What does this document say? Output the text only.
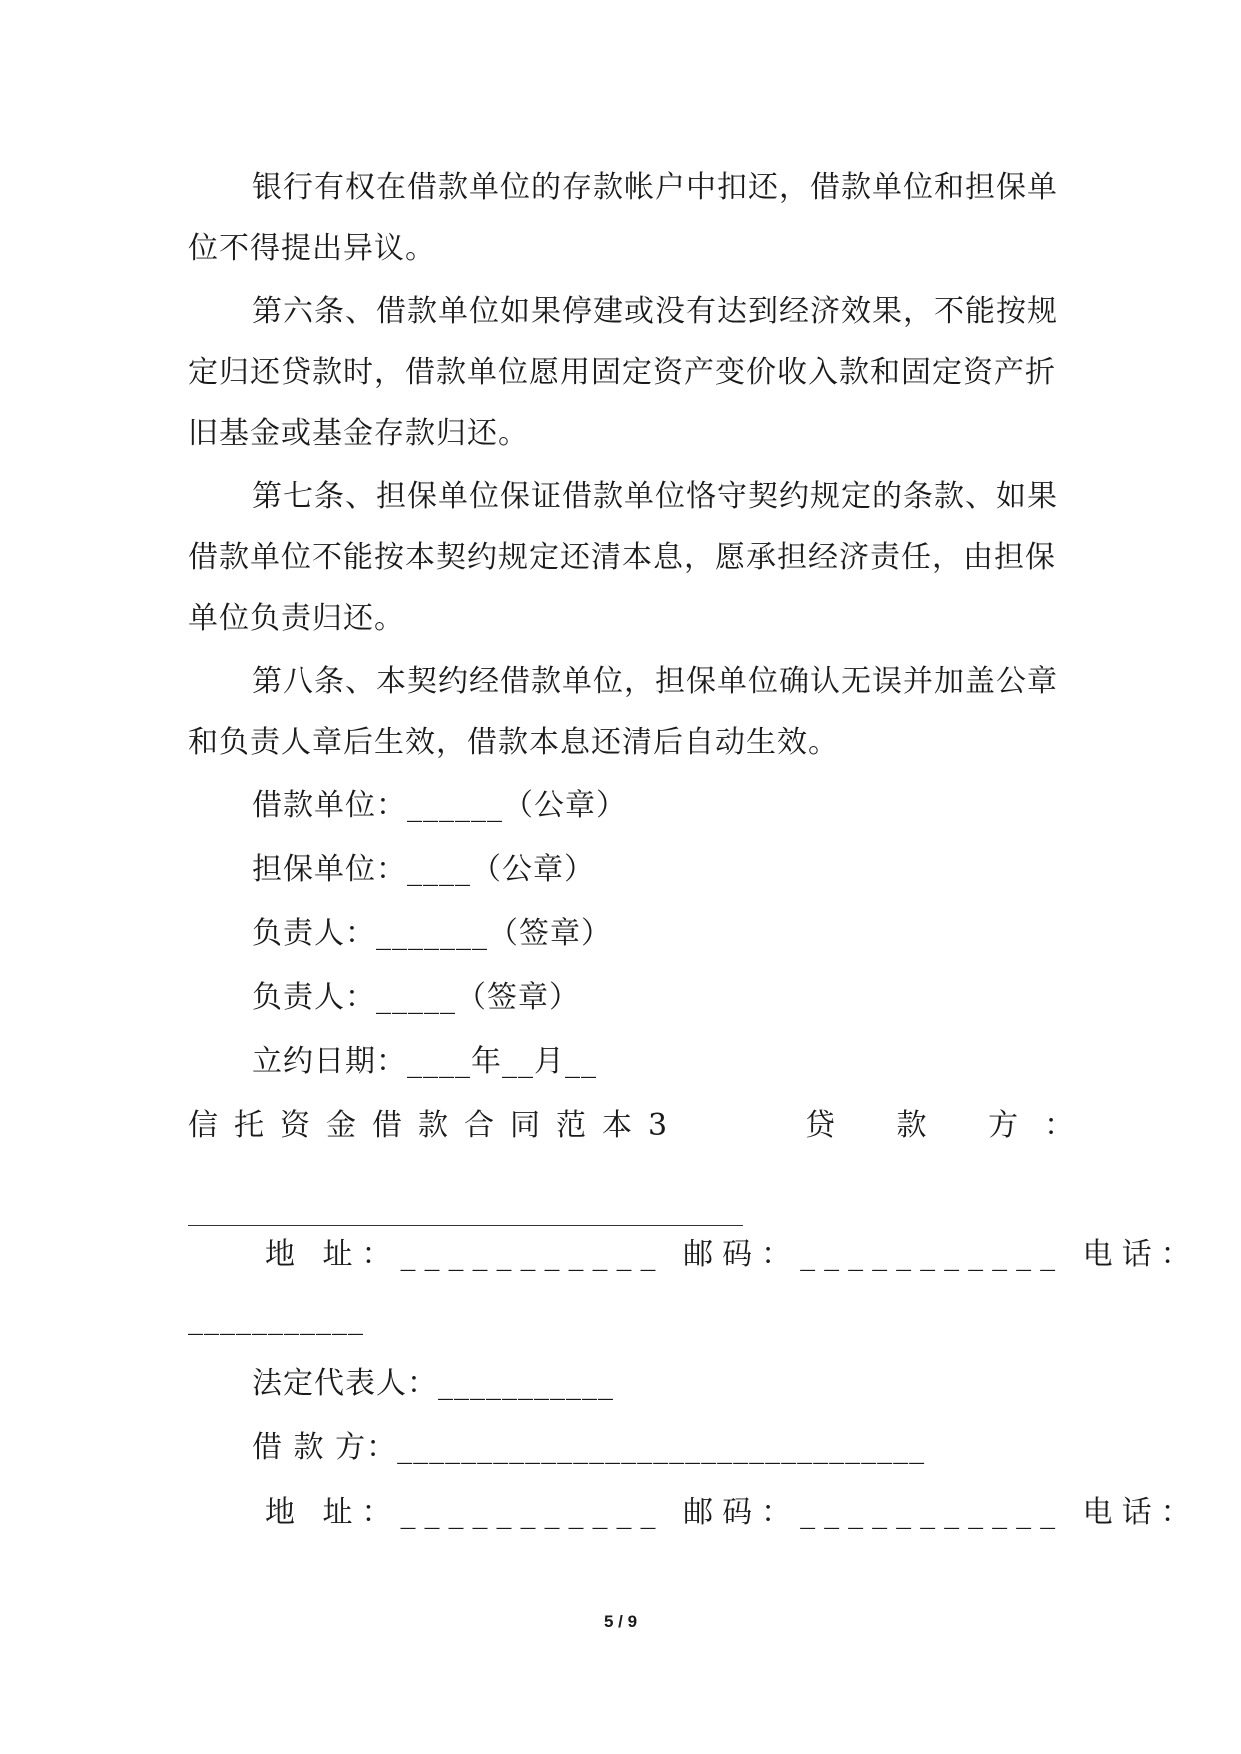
银行有权在借款单位的存款帐户中扣还，借款单位和担保单
位不得提出异议。
第六条、借款单位如果停建或没有达到经济效果，不能按规
定归还贷款时，借款单位愿用固定资产变价收入款和固定资产折
旧基金或基金存款归还。
第七条、担保单位保证借款单位恪守契约规定的条款、如果
借款单位不能按本契约规定还清本息，愿承担经济责任，由担保
单位负责归还。
第八条、本契约经借款单位，担保单位确认无误并加盖公章
和负责人章后生效，借款本息还清后自动生效。
借款单位：______（公章）
担保单位：____（公章）
负责人：_______（签章）
负责人：_____（签章）
立约日期：____年__月__
信托资金借款合同范本3	贷 款 方：
地 址：___________ 邮码：___________ 电话：
___________
法定代表人：___________
借 款 方：_________________________________
地 址：___________ 邮码：___________ 电话：
5 / 9
